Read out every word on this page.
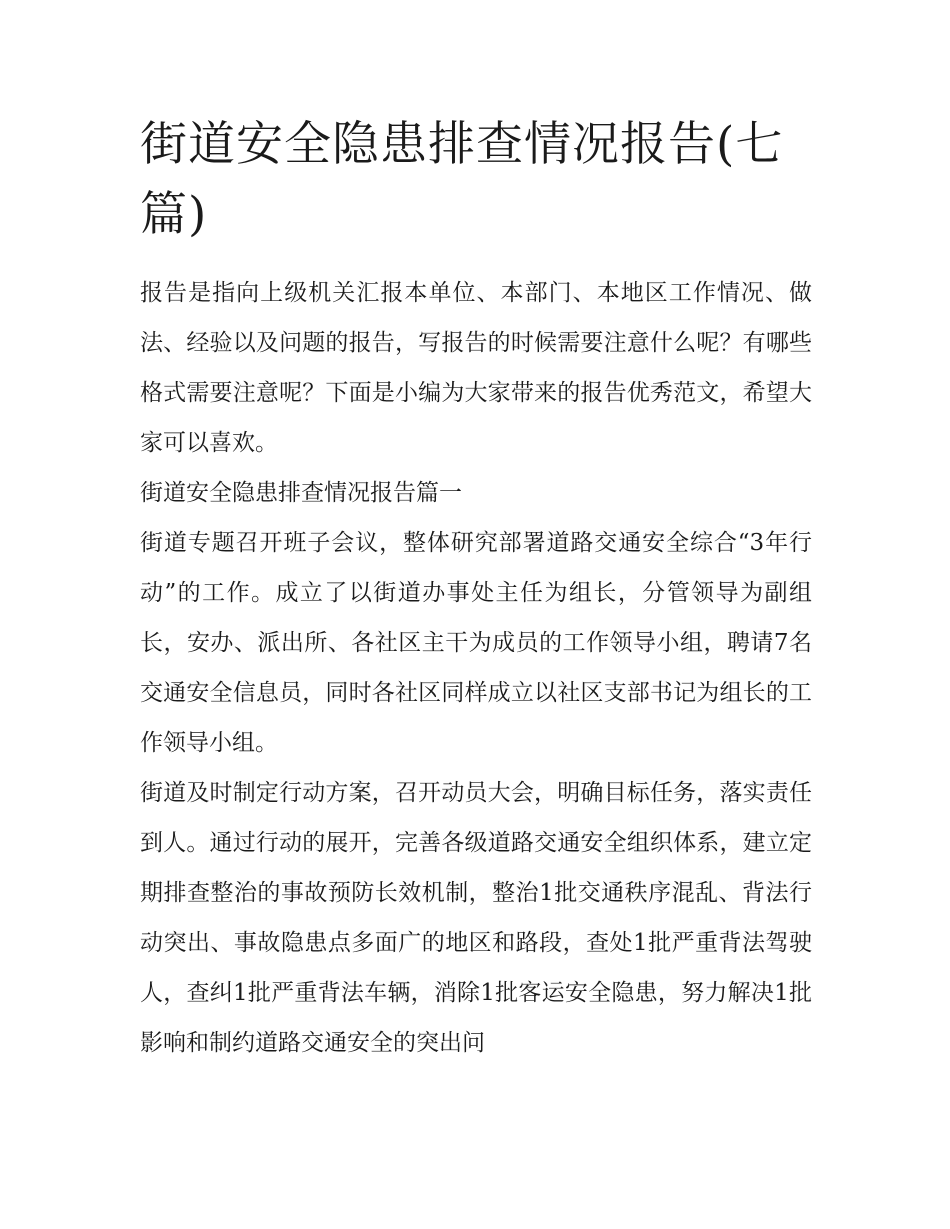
街道安全隐患排查情况报告(七篇)

报告是指向上级机关汇报本单位、本部门、本地区工作情况、做法、经验以及问题的报告，写报告的时候需要注意什么呢？有哪些格式需要注意呢？下面是小编为大家带来的报告优秀范文，希望大家可以喜欢。

街道安全隐患排查情况报告篇一

街道专题召开班子会议，整体研究部署道路交通安全综合“3年行动”的工作。成立了以街道办事处主任为组长，分管领导为副组长，安办、派出所、各社区主干为成员的工作领导小组，聘请7名交通安全信息员，同时各社区同样成立以社区支部书记为组长的工作领导小组。

街道及时制定行动方案，召开动员大会，明确目标任务，落实责任到人。通过行动的展开，完善各级道路交通安全组织体系，建立定期排查整治的事故预防长效机制，整治1批交通秩序混乱、背法行动突出、事故隐患点多面广的地区和路段，查处1批严重背法驾驶人，查纠1批严重背法车辆，消除1批客运安全隐患，努力解决1批影响和制约道路交通安全的突出问
